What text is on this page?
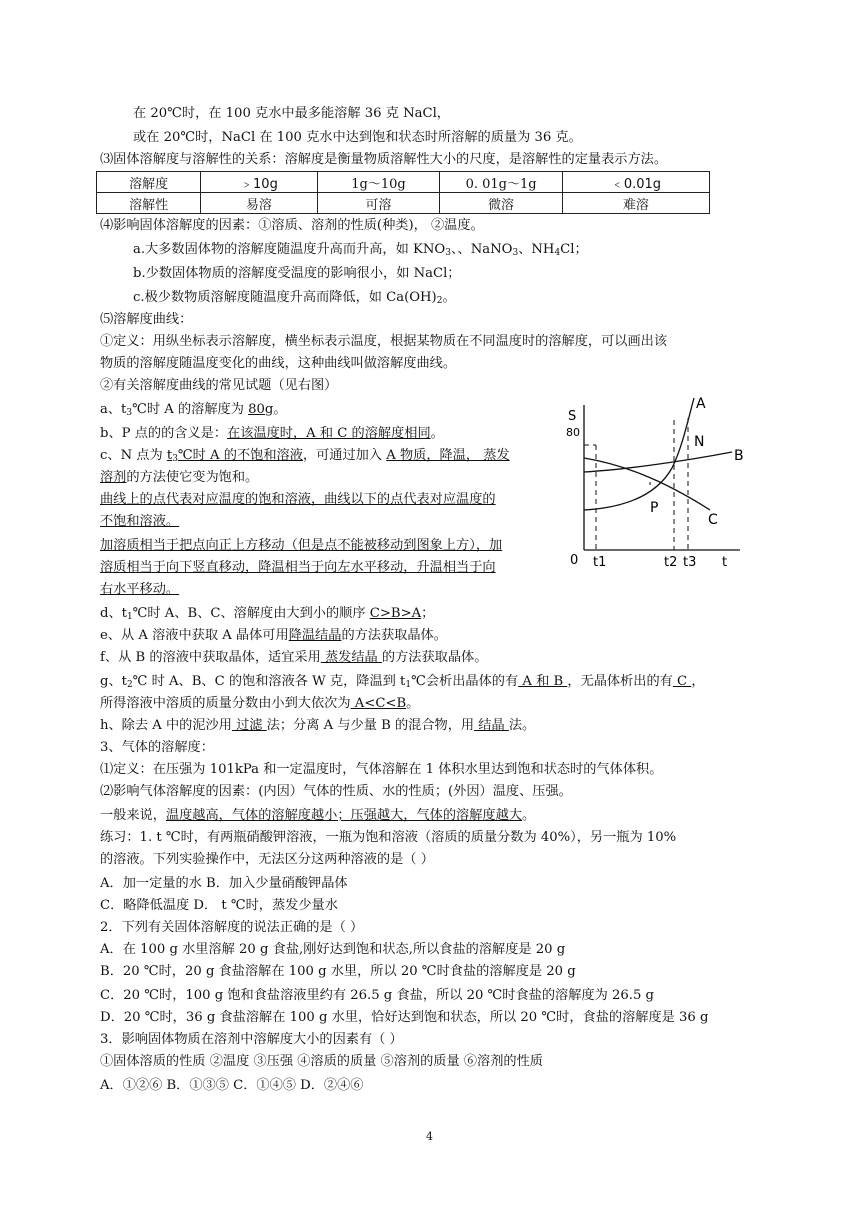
在 20℃时，在 100 克水中最多能溶解 36 克 NaCl，
或在 20℃时，NaCl 在 100 克水中达到饱和状态时所溶解的质量为 36 克。
⑶固体溶解度与溶解性的关系：溶解度是衡量物质溶解性大小的尺度，是溶解性的定量表示方法。
溶解度	﹥10g	1g～10g	0. 01g～1g	﹤0.01g
溶解性	易溶	可溶	微溶	难溶
⑷影响固体溶解度的因素：①溶质、溶剂的性质(种类)， ②温度。
a.大多数固体物的溶解度随温度升高而升高，如 $KNO_3$、、NaNO$_3$、$NH_4Cl$；
b.少数固体物质的溶解度受温度的影响很小，如 NaCl；
c.极少数物质溶解度随温度升高而降低，如 $Ca(OH)_2$。
⑸溶解度曲线：
①定义：用纵坐标表示溶解度，横坐标表示温度，根据某物质在不同温度时的溶解度，可以画出该
物质的溶解度随温度变化的曲线，这种曲线叫做溶解度曲线。
②有关溶解度曲线的常见试题（见右图）
a、$t_3℃$时 A 的溶解度为 80g。
b、P 点的的含义是：在该温度时，A 和 C 的溶解度相同。
c、N 点为 $t_3℃$时 A 的不饱和溶液，可通过加入 A 物质，降温， 蒸发
溶剂的方法使它变为饱和。
曲线上的点代表对应温度的饱和溶液，曲线以下的点代表对应温度的
不饱和溶液。
加溶质相当于把点向正上方移动（但是点不能被移动到图象上方），加
溶质相当于向下竖直移动，降温相当于向左水平移动，升温相当于向
右水平移动。
S
80
0	t
t1	t2 t3
A
B
C
P
N
d、$t_1℃$时 A、B、C、溶解度由大到小的顺序 C>B>A；
e、从 A 溶液中获取 A 晶体可用降温结晶的方法获取晶体。
f、从 B 的溶液中获取晶体，适宜采用 蒸发结晶 的方法获取晶体。
g、$t_2℃$ 时 A、B、C 的饱和溶液各 W 克，降温到 $t_1℃$会析出晶体的有 A 和 B ，无晶体析出的有 C ，
所得溶液中溶质的质量分数由小到大依次为 A<C<B。
h、除去 A 中的泥沙用 过滤 法；分离 A 与少量 B 的混合物，用 结晶 法。
3、气体的溶解度：
⑴定义：在压强为 101kPa 和一定温度时，气体溶解在 1 体积水里达到饱和状态时的气体体积。
⑵影响气体溶解度的因素：(内因）气体的性质、水的性质；(外因）温度、压强。
一般来说，温度越高，气体的溶解度越小；压强越大，气体的溶解度越大。
练习：1. t ℃时，有两瓶硝酸钾溶液，一瓶为饱和溶液（溶质的质量分数为 40%），另一瓶为 10%
的溶液。下列实验操作中，无法区分这两种溶液的是（ ）
A．加一定量的水 B．加入少量硝酸钾晶体
C．略降低温度 D． t ℃时，蒸发少量水
2．下列有关固体溶解度的说法正确的是（ ）
A．在 100 g 水里溶解 20 g 食盐,刚好达到饱和状态,所以食盐的溶解度是 20 g
B．20 ℃时，20 g 食盐溶解在 100 g 水里，所以 20 ℃时食盐的溶解度是 20 g
C．20 ℃时，100 g 饱和食盐溶液里约有 26.5 g 食盐，所以 20 ℃时食盐的溶解度为 26.5 g
D．20 ℃时，36 g 食盐溶解在 100 g 水里，恰好达到饱和状态，所以 20 ℃时，食盐的溶解度是 36 g
3．影响固体物质在溶剂中溶解度大小的因素有（ ）
①固体溶质的性质 ②温度 ③压强 ④溶质的质量 ⑤溶剂的质量 ⑥溶剂的性质
A．①②⑥ B．①③⑤ C．①④⑤ D．②④⑥
4
